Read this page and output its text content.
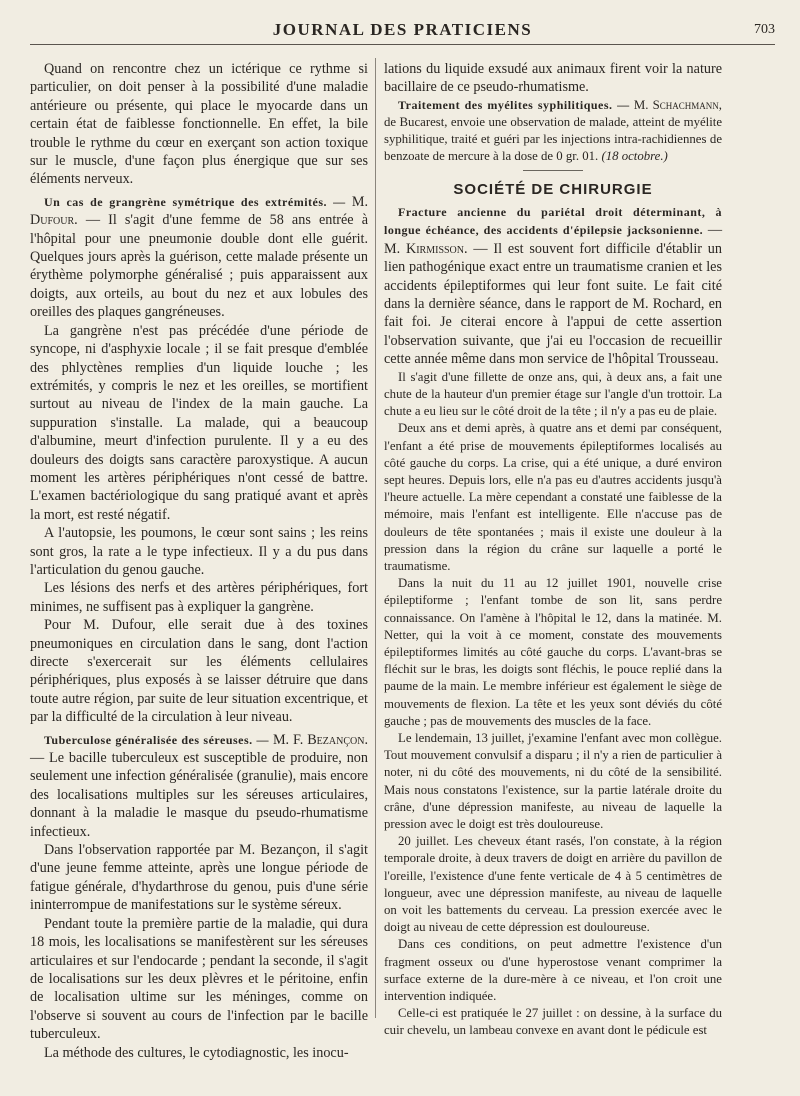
JOURNAL DES PRATICIENS	703

Quand on rencontre chez un ictérique ce rythme si particulier, on doit penser à la possibilité d'une maladie antérieure ou présente, qui place le myocarde dans un certain état de faiblesse fonctionnelle. En effet, la bile trouble le rythme du cœur en exerçant son action toxique sur le muscle, d'une façon plus énergique que sur ses éléments nerveux.

Un cas de grangrène symétrique des extrémités. — M. Dufour. — Il s'agit d'une femme de 58 ans entrée à l'hôpital pour une pneumonie double dont elle guérit. Quelques jours après la guérison, cette malade présente un érythème polymorphe généralisé ; puis apparaissent aux doigts, aux orteils, au bout du nez et aux lobules des oreilles des plaques gangréneuses.

La gangrène n'est pas précédée d'une période de syncope, ni d'asphyxie locale ; il se fait presque d'emblée des phlyctènes remplies d'un liquide louche ; les extrémités, y compris le nez et les oreilles, se mortifient surtout au niveau de l'index de la main gauche. La suppuration s'installe. La malade, qui a beaucoup d'albumine, meurt d'infection purulente. Il y a eu des douleurs des doigts sans caractère paroxystique. A aucun moment les artères périphériques n'ont cessé de battre. L'examen bactériologique du sang pratiqué avant et après la mort, est resté négatif.

A l'autopsie, les poumons, le cœur sont sains ; les reins sont gros, la rate a le type infectieux. Il y a du pus dans l'articulation du genou gauche.

Les lésions des nerfs et des artères périphériques, fort minimes, ne suffisent pas à expliquer la gangrène.

Pour M. Dufour, elle serait due à des toxines pneumoniques en circulation dans le sang, dont l'action directe s'exercerait sur les éléments cellulaires périphériques, plus exposés à se laisser détruire que dans toute autre région, par suite de leur situation excentrique, et par la difficulté de la circulation à leur niveau.

Tuberculose généralisée des séreuses. — M. F. Bezançon. — Le bacille tuberculeux est susceptible de produire, non seulement une infection généralisée (granulie), mais encore des localisations multiples sur les séreuses articulaires, donnant à la maladie le masque du pseudo-rhumatisme infectieux.

Dans l'observation rapportée par M. Bezançon, il s'agit d'une jeune femme atteinte, après une longue période de fatigue générale, d'hydarthrose du genou, puis d'une série ininterrompue de manifestations sur le système séreux.

Pendant toute la première partie de la maladie, qui dura 18 mois, les localisations se manifestèrent sur les séreuses articulaires et sur l'endocarde ; pendant la seconde, il s'agit de localisations sur les deux plèvres et le péritoine, enfin de localisation ultime sur les méninges, comme on l'observe si souvent au cours de l'infection par le bacille tuberculeux.

La méthode des cultures, le cytodiagnostic, les inocu-

lations du liquide exsudé aux animaux firent voir la nature bacillaire de ce pseudo-rhumatisme.

Traitement des myélites syphilitiques. — M. Schachmann, de Bucarest, envoie une observation de malade, atteint de myélite syphilitique, traité et guéri par les injections intra-rachidiennes de benzoate de mercure à la dose de 0 gr. 01. (18 octobre.)

SOCIÉTÉ DE CHIRURGIE

Fracture ancienne du pariétal droit déterminant, à longue échéance, des accidents d'épilepsie jacksonienne. — M. Kirmisson. — Il est souvent fort difficile d'établir un lien pathogénique exact entre un traumatisme cranien et les accidents épileptiformes qui leur font suite. Le fait cité dans la dernière séance, dans le rapport de M. Rochard, en fait foi. Je citerai encore à l'appui de cette assertion l'observation suivante, que j'ai eu l'occasion de recueillir cette année même dans mon service de l'hôpital Trousseau.

Il s'agit d'une fillette de onze ans, qui, à deux ans, a fait une chute de la hauteur d'un premier étage sur l'angle d'un trottoir. La chute a eu lieu sur le côté droit de la tête ; il n'y a pas eu de plaie.

Deux ans et demi après, à quatre ans et demi par conséquent, l'enfant a été prise de mouvements épileptiformes localisés au côté gauche du corps. La crise, qui a été unique, a duré environ sept heures. Depuis lors, elle n'a pas eu d'autres accidents jusqu'à l'heure actuelle. La mère cependant a constaté une faiblesse de la mémoire, mais l'enfant est intelligente. Elle n'accuse pas de douleurs de tête spontanées ; mais il existe une douleur à la pression dans la région du crâne sur laquelle a porté le traumatisme.

Dans la nuit du 11 au 12 juillet 1901, nouvelle crise épileptiforme ; l'enfant tombe de son lit, sans perdre connaissance. On l'amène à l'hôpital le 12, dans la matinée. M. Netter, qui la voit à ce moment, constate des mouvements épileptiformes limités au côté gauche du corps. L'avant-bras se fléchit sur le bras, les doigts sont fléchis, le pouce replié dans la paume de la main. Le membre inférieur est également le siège de mouvements de flexion. La tête et les yeux sont déviés du côté gauche ; pas de mouvements des muscles de la face.

Le lendemain, 13 juillet, j'examine l'enfant avec mon collègue. Tout mouvement convulsif a disparu ; il n'y a rien de particulier à noter, ni du côté des mouvements, ni du côté de la sensibilité. Mais nous constatons l'existence, sur la partie latérale droite du crâne, d'une dépression manifeste, au niveau de laquelle la pression avec le doigt est très douloureuse.

20 juillet. Les cheveux étant rasés, l'on constate, à la région temporale droite, à deux travers de doigt en arrière du pavillon de l'oreille, l'existence d'une fente verticale de 4 à 5 centimètres de longueur, avec une dépression manifeste, au niveau de laquelle on voit les battements du cerveau. La pression exercée avec le doigt au niveau de cette dépression est douloureuse.

Dans ces conditions, on peut admettre l'existence d'un fragment osseux ou d'une hyperostose venant comprimer la surface externe de la dure-mère à ce niveau, et l'on croit une intervention indiquée.

Celle-ci est pratiquée le 27 juillet : on dessine, à la surface du cuir chevelu, un lambeau convexe en avant dont le pédicule est
